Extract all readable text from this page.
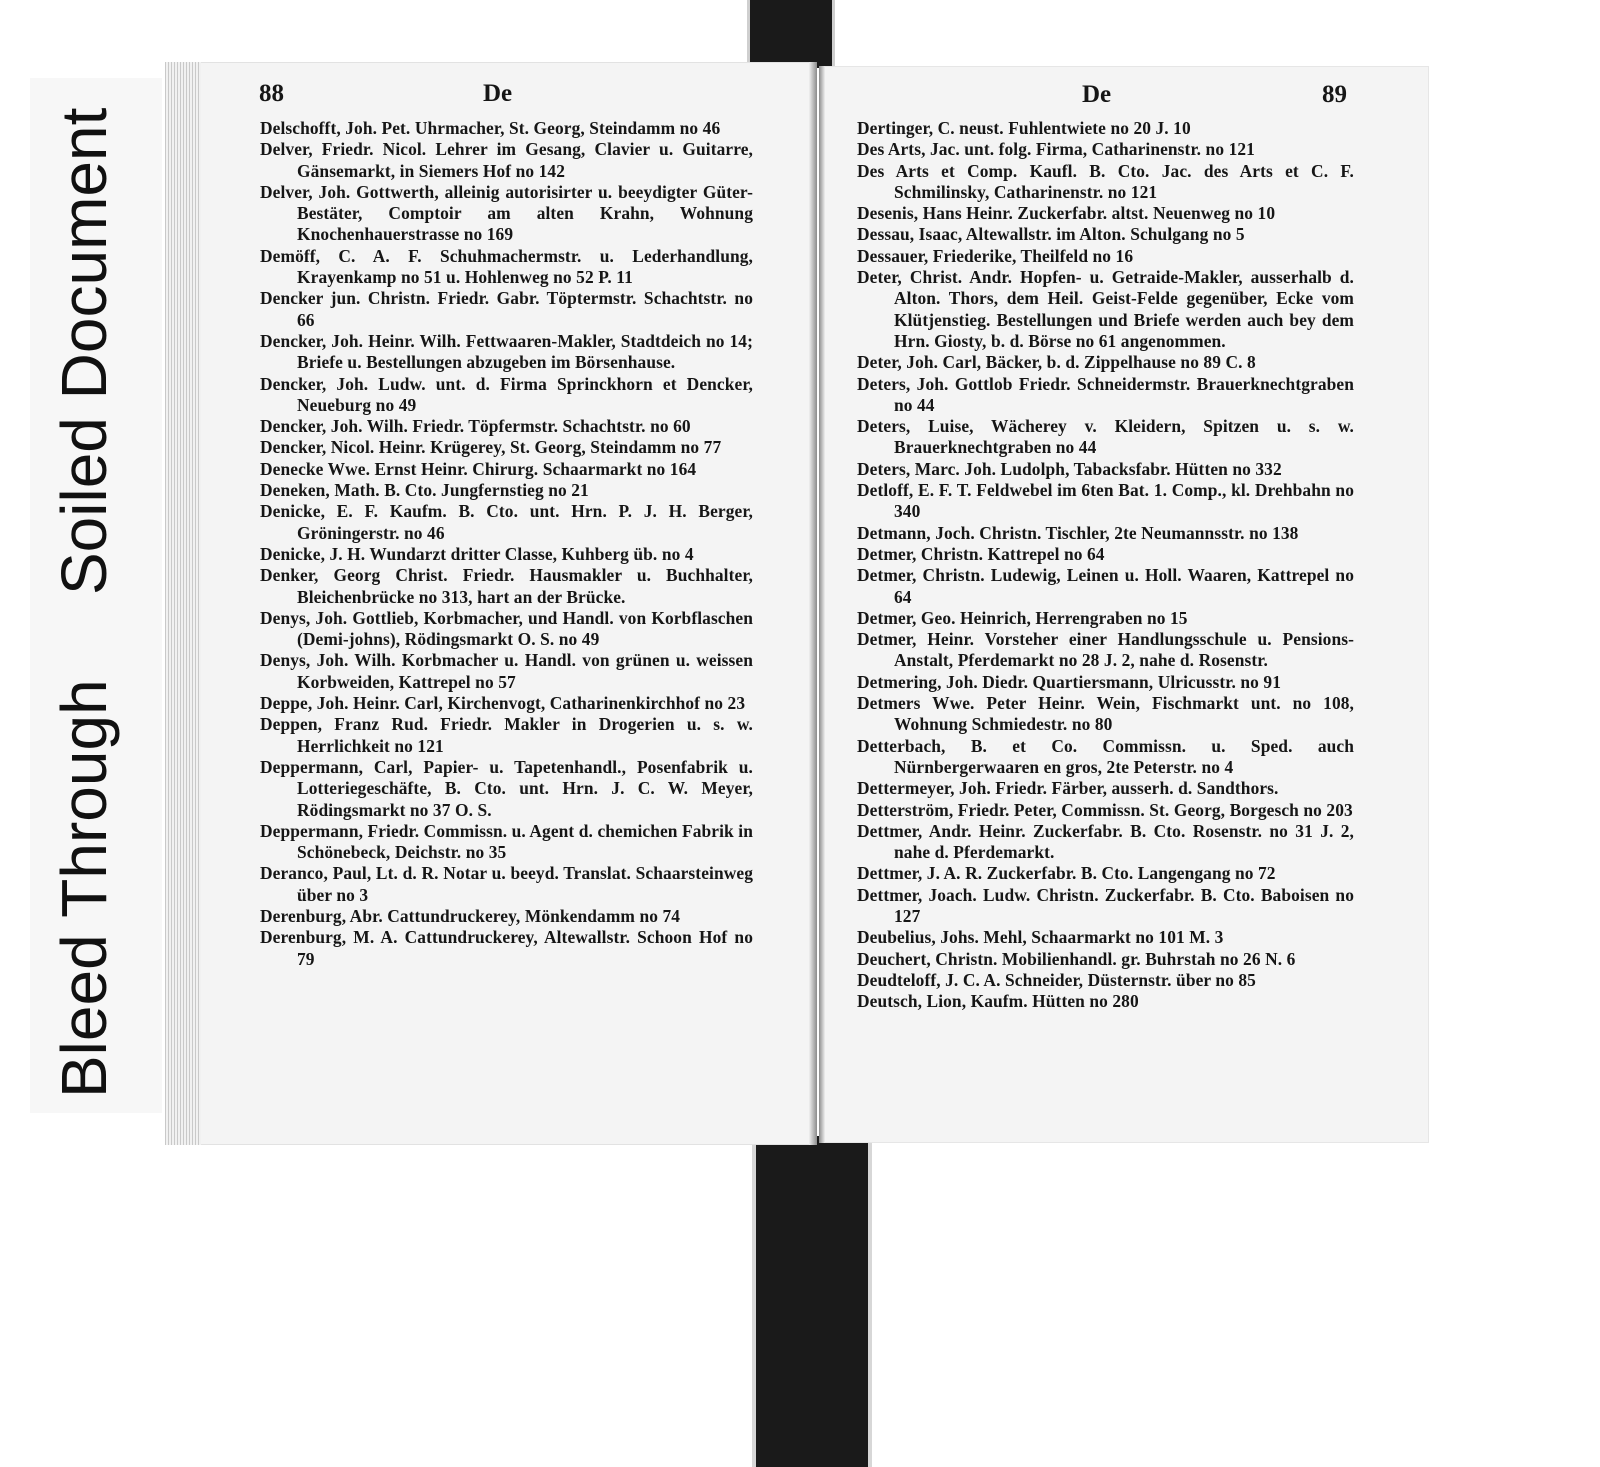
Soiled Document
Bleed Through
88	De
Delschofft, Joh. Pet. Uhrmacher, St. Georg, Steindamm no 46
Delver, Friedr. Nicol. Lehrer im Gesang, Clavier u. Guitarre, Gänsemarkt, in Siemers Hof no 142
Delver, Joh. Gottwerth, alleinig autorisirter u. beeydigter Güter-Bestäter, Comptoir am alten Krahn, Wohnung Knochenhauerstrasse no 169
Demöff, C. A. F. Schuhmachermstr. u. Lederhandlung, Krayenkamp no 51 u. Hohlenweg no 52 P. 11
Dencker jun. Christn. Friedr. Gabr. Töptermstr. Schachtstr. no 66
Dencker, Joh. Heinr. Wilh. Fettwaaren-Makler, Stadtdeich no 14; Briefe u. Bestellungen abzugeben im Börsenhause.
Dencker, Joh. Ludw. unt. d. Firma Sprinckhorn et Dencker, Neueburg no 49
Dencker, Joh. Wilh. Friedr. Töpfermstr. Schachtstr. no 60
Dencker, Nicol. Heinr. Krügerey, St. Georg, Steindamm no 77
Denecke Wwe. Ernst Heinr. Chirurg. Schaarmarkt no 164
Deneken, Math. B. Cto. Jungfernstieg no 21
Denicke, E. F. Kaufm. B. Cto. unt. Hrn. P. J. H. Berger, Gröningerstr. no 46
Denicke, J. H. Wundarzt dritter Classe, Kuhberg üb. no 4
Denker, Georg Christ. Friedr. Hausmakler u. Buchhalter, Bleichenbrücke no 313, hart an der Brücke.
Denys, Joh. Gottlieb, Korbmacher, und Handl. von Korbflaschen (Demi-johns), Rödingsmarkt O. S. no 49
Denys, Joh. Wilh. Korbmacher u. Handl. von grünen u. weissen Korbweiden, Kattrepel no 57
Deppe, Joh. Heinr. Carl, Kirchenvogt, Catharinenkirchhof no 23
Deppen, Franz Rud. Friedr. Makler in Drogerien u. s. w. Herrlichkeit no 121
Deppermann, Carl, Papier- u. Tapetenhandl., Posenfabrik u. Lotteriegeschäfte, B. Cto. unt. Hrn. J. C. W. Meyer, Rödingsmarkt no 37 O. S.
Deppermann, Friedr. Commissn. u. Agent d. chemichen Fabrik in Schönebeck, Deichstr. no 35
Deranco, Paul, Lt. d. R. Notar u. beeyd. Translat. Schaarsteinweg über no 3
Derenburg, Abr. Cattundruckerey, Mönkendamm no 74
Derenburg, M. A. Cattundruckerey, Altewallstr. Schoon Hof no 79
De	89
Dertinger, C. neust. Fuhlentwiete no 20 J. 10
Des Arts, Jac. unt. folg. Firma, Catharinenstr. no 121
Des Arts et Comp. Kaufl. B. Cto. Jac. des Arts et C. F. Schmilinsky, Catharinenstr. no 121
Desenis, Hans Heinr. Zuckerfabr. altst. Neuenweg no 10
Dessau, Isaac, Altewallstr. im Alton. Schulgang no 5
Dessauer, Friederike, Theilfeld no 16
Deter, Christ. Andr. Hopfen- u. Getraide-Makler, ausserhalb d. Alton. Thors, dem Heil. Geist-Felde gegenüber, Ecke vom Klütjenstieg. Bestellungen und Briefe werden auch bey dem Hrn. Giosty, b. d. Börse no 61 angenommen.
Deter, Joh. Carl, Bäcker, b. d. Zippelhause no 89 C. 8
Deters, Joh. Gottlob Friedr. Schneidermstr. Brauerknechtgraben no 44
Deters, Luise, Wächerey v. Kleidern, Spitzen u. s. w. Brauerknechtgraben no 44
Deters, Marc. Joh. Ludolph, Tabacksfabr. Hütten no 332
Detloff, E. F. T. Feldwebel im 6ten Bat. 1. Comp., kl. Drehbahn no 340
Detmann, Joch. Christn. Tischler, 2te Neumannsstr. no 138
Detmer, Christn. Kattrepel no 64
Detmer, Christn. Ludewig, Leinen u. Holl. Waaren, Kattrepel no 64
Detmer, Geo. Heinrich, Herrengraben no 15
Detmer, Heinr. Vorsteher einer Handlungsschule u. Pensions-Anstalt, Pferdemarkt no 28 J. 2, nahe d. Rosenstr.
Detmering, Joh. Diedr. Quartiersmann, Ulricusstr. no 91
Detmers Wwe. Peter Heinr. Wein, Fischmarkt unt. no 108, Wohnung Schmiedestr. no 80
Detterbach, B. et Co. Commissn. u. Sped. auch Nürnbergerwaaren en gros, 2te Peterstr. no 4
Dettermeyer, Joh. Friedr. Färber, ausserh. d. Sandthors.
Detterström, Friedr. Peter, Commissn. St. Georg, Borgesch no 203
Dettmer, Andr. Heinr. Zuckerfabr. B. Cto. Rosenstr. no 31 J. 2, nahe d. Pferdemarkt.
Dettmer, J. A. R. Zuckerfabr. B. Cto. Langengang no 72
Dettmer, Joach. Ludw. Christn. Zuckerfabr. B. Cto. Baboisen no 127
Deubelius, Johs. Mehl, Schaarmarkt no 101 M. 3
Deuchert, Christn. Mobilienhandl. gr. Buhrstah no 26 N. 6
Deudteloff, J. C. A. Schneider, Düsternstr. über no 85
Deutsch, Lion, Kaufm. Hütten no 280
